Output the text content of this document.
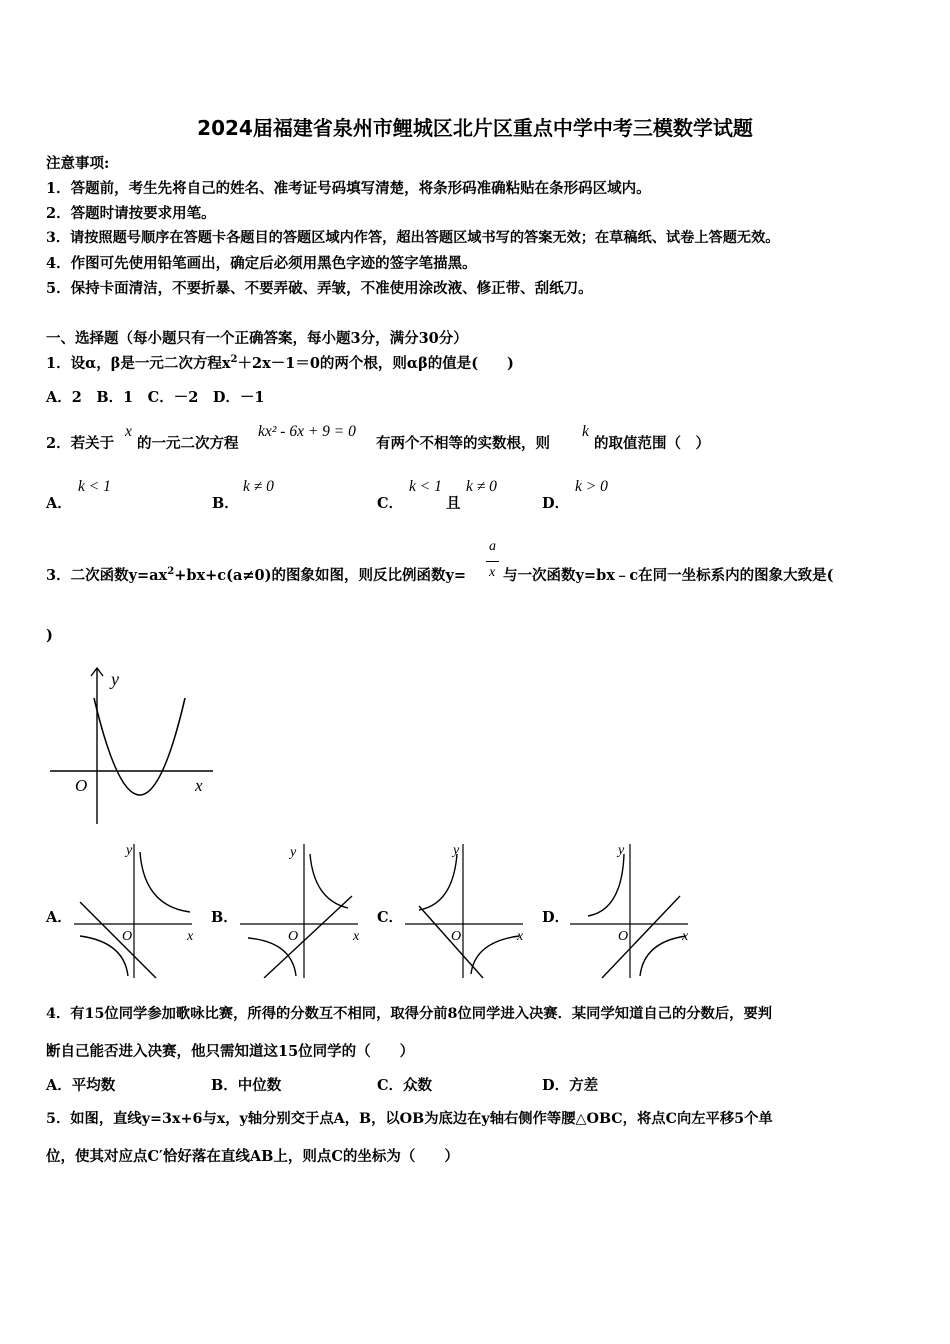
2024届福建省泉州市鲤城区北片区重点中学中考三模数学试题
注意事项:
1．答题前，考生先将自己的姓名、准考证号码填写清楚，将条形码准确粘贴在条形码区域内。
2．答题时请按要求用笔。
3．请按照题号顺序在答题卡各题目的答题区域内作答，超出答题区域书写的答案无效；在草稿纸、试卷上答题无效。
4．作图可先使用铅笔画出，确定后必须用黑色字迹的签字笔描黑。
5．保持卡面清洁，不要折暴、不要弄破、弄皱，不准使用涂改液、修正带、刮纸刀。
一、选择题（每小题只有一个正确答案，每小题3分，满分30分）
1．设α，β是一元二次方程$x^2+2x-1=0$的两个根，则αβ的值是(　　)
A．2　B．1　C．－2　D．－1
2．若关于
x
的一元二次方程
kx² - 6x + 9 = 0
有两个不相等的实数根，则
k
的取值范围（　）
A．
k < 1
B．
k ≠ 0
C．
k < 1
且
k ≠ 0
D．
k > 0
3．二次函数$y=ax^2+bx+c(a\ne 0)$的图象如图，则反比例函数y=
a
x 与一次函数y=bx﹣c在同一坐标系内的图象大致是(
)
y
x
O
A．	B．	C．	D．
y
x
O
y
x
O
y
x
O
y
x
O
4．有15位同学参加歌咏比赛，所得的分数互不相同，取得分前8位同学进入决赛．某同学知道自己的分数后，要判
断自己能否进入决赛，他只需知道这15位同学的（　　）
A．平均数	B．中位数	C．众数	D．方差
5．如图，直线y=3x+6与x，y轴分别交于点A，B，以OB为底边在y轴右侧作等腰△OBC，将点C向左平移5个单
位，使其对应点C′恰好落在直线AB上，则点C的坐标为（　　）
